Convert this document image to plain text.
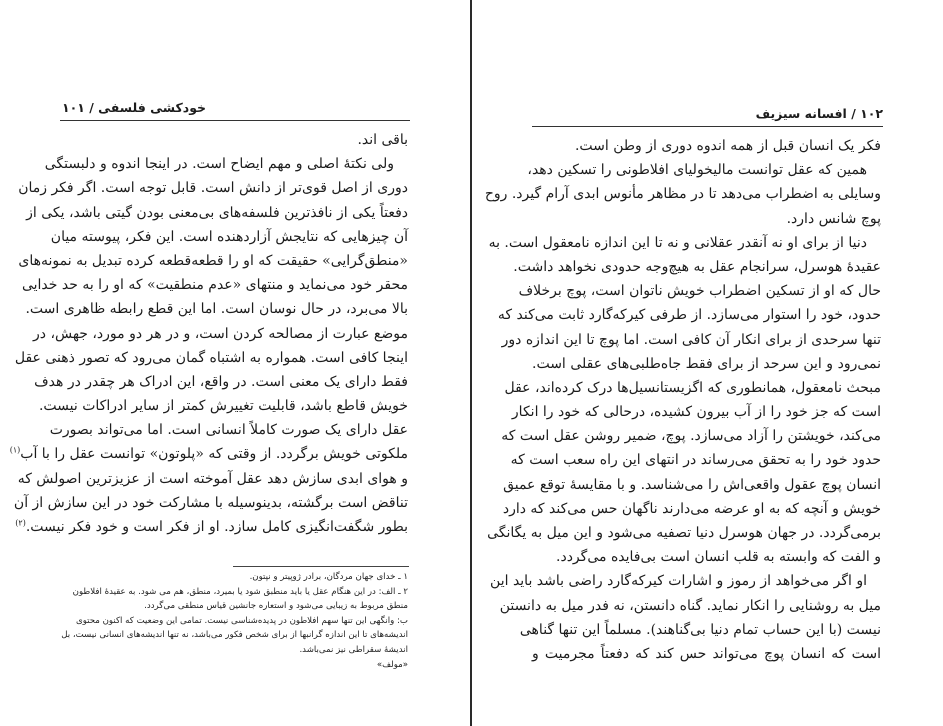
خودکشی فلسفی / ۱۰۱
باقی اند.
ولی نکتۀ اصلی و مهم ایضاح است. در اینجا اندوه و دلبستگی
دوری از اصل قوی‌تر از دانش است. قابل توجه است. اگر فکر زمان
دفعتاً یکی از نافذترین فلسفه‌های بی‌معنی بودن گیتی باشد، یکی از
آن چیزهایی که نتایجش آزاردهنده است. این فکر، پیوسته میان
«منطق‌گرایی» حقیقت که او را قطعه‌قطعه کرده تبدیل به نمونه‌های
محقر خود می‌نماید و منتهای «عدم منطقیت» که او را به حد خدایی
بالا می‌برد، در حال نوسان است. اما این قطع رابطه ظاهری است.
موضع عبارت از مصالحه کردن است، و در هر دو مورد، جهش، در
اینجا کافی است. همواره به اشتباه گمان می‌رود که تصور ذهنی عقل
فقط دارای یک معنی است. در واقع، این ادراک هر چقدر در هدف
خویش قاطع باشد، قابلیت تغییرش کمتر از سایر ادراکات نیست.
عقل دارای یک صورت کاملاً انسانی است. اما می‌تواند بصورت
ملکوتی خویش برگردد. از وقتی که «پلوتون» توانست عقل را با آب$^{(۱)}$
و هوای ابدی سازش دهد عقل آموخته است از عزیزترین اصولش که
تناقض است برگشته، بدینوسیله با مشارکت خود در این سازش از آن
بطور شگفت‌انگیزی کامل سازد. او از فکر است و خود فکر نیست.$^{(۲)}$
۱ ـ خدای جهان مردگان، برادر ژوپیتر و نپتون.
۲ ـ الف: در این هنگام عقل یا باید منطبق شود یا بمیرد، منطق، هم می شود. به عقیدۀ افلاطون
منطق مربوط به زیبایی می‌شود و استعاره جانشین قیاس منطقی می‌گردد.
ب: وانگهی این تنها سهم افلاطون در پدیده‌شناسی نیست. تمامی این وضعیت که اکنون محتوی
اندیشه‌های تا این اندازه گرانبها از برای شخص فکور می‌باشد، نه تنها اندیشه‌های انسانی نیست، بل
اندیشۀ سقراطی نیز نمی‌باشد.
«مولف»
۱۰۲ / افسانه سیزیف
فکر یک انسان قبل از همه اندوه دوری از وطن است.
همین که عقل توانست مالیخولیای افلاطونی را تسکین دهد،
وسایلی به اضطراب می‌دهد تا در مظاهر مأنوس ابدی آرام گیرد. روح
پوچ شانس دارد.
دنیا از برای او نه آنقدر عقلانی و نه تا این اندازه نامعقول است. به
عقیدۀ هوسرل، سرانجام عقل به هیچ‌وجه حدودی نخواهد داشت.
حال که او از تسکین اضطراب خویش ناتوان است، پوچ برخلاف
حدود، خود را استوار می‌سازد. از طرفی کیرکه‌گارد ثابت می‌کند که
تنها سرحدی از برای انکار آن کافی است. اما پوچ تا این اندازه دور
نمی‌رود و این سرحد از برای فقط جاه‌طلبی‌های عقلی است.
مبحث نامعقول، همانطوری که اگزیستانسیل‌ها درک کرده‌اند، عقل
است که جز خود را از آب بیرون کشیده، درحالی که خود را انکار
می‌کند، خویشتن را آزاد می‌سازد. پوچ، ضمیر روشن عقل است که
حدود خود را به تحقق می‌رساند در انتهای این راه سعب است که
انسان پوچ عقول واقعی‌اش را می‌شناسد. و با مقایسۀ توقع عمیق
خویش و آنچه که به او عرضه می‌دارند ناگهان حس می‌کند که دارد
برمی‌گردد. در جهان هوسرل دنیا تصفیه می‌شود و این میل به یگانگی
و الفت که وابسته به قلب انسان است بی‌فایده می‌گردد.
او اگر می‌خواهد از رموز و اشارات کیرکه‌گارد راضی باشد باید این
میل به روشنایی را انکار نماید. گناه دانستن، نه فدر میل به دانستن
نیست (با این حساب تمام دنیا بی‌گناهند). مسلماً این تنها گناهی
است که انسان پوچ می‌تواند حس کند که دفعتاً مجرمیت و
